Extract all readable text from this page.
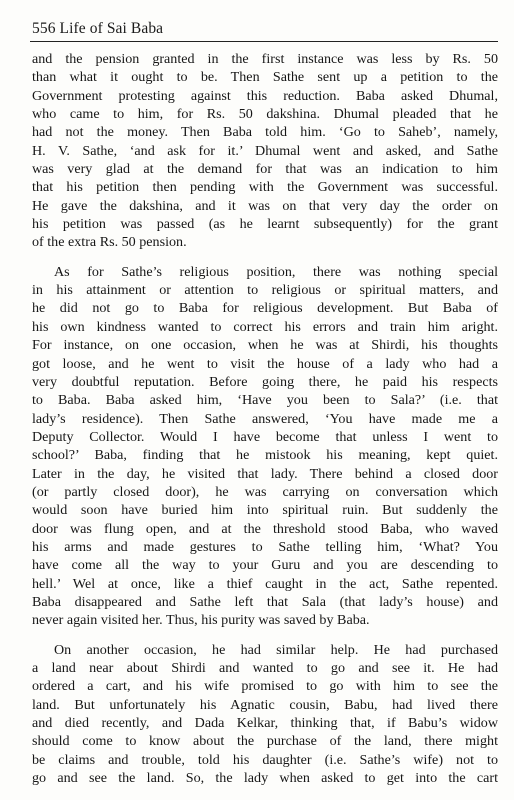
556 Life of Sai Baba
and the pension granted in the first instance was less by Rs. 50
than what it ought to be. Then Sathe sent up a petition to the
Government protesting against this reduction. Baba asked Dhumal,
who came to him, for Rs. 50 dakshina. Dhumal pleaded that he
had not the money. Then Baba told him. ‘Go to Saheb’, namely,
H. V. Sathe, ‘and ask for it.’ Dhumal went and asked, and Sathe
was very glad at the demand for that was an indication to him
that his petition then pending with the Government was successful.
He gave the dakshina, and it was on that very day the order on
his petition was passed (as he learnt subsequently) for the grant
of the extra Rs. 50 pension.
As for Sathe’s religious position, there was nothing special
in his attainment or attention to religious or spiritual matters, and
he did not go to Baba for religious development. But Baba of
his own kindness wanted to correct his errors and train him aright.
For instance, on one occasion, when he was at Shirdi, his thoughts
got loose, and he went to visit the house of a lady who had a
very doubtful reputation. Before going there, he paid his respects
to Baba. Baba asked him, ‘Have you been to Sala?’ (i.e. that
lady’s residence). Then Sathe answered, ‘You have made me a
Deputy Collector. Would I have become that unless I went to
school?’ Baba, finding that he mistook his meaning, kept quiet.
Later in the day, he visited that lady. There behind a closed door
(or partly closed door), he was carrying on conversation which
would soon have buried him into spiritual ruin. But suddenly the
door was flung open, and at the threshold stood Baba, who waved
his arms and made gestures to Sathe telling him, ‘What? You
have come all the way to your Guru and you are descending to
hell.’ Wel at once, like a thief caught in the act, Sathe repented.
Baba disappeared and Sathe left that Sala (that lady’s house) and
never again visited her. Thus, his purity was saved by Baba.
On another occasion, he had similar help. He had purchased
a land near about Shirdi and wanted to go and see it. He had
ordered a cart, and his wife promised to go with him to see the
land. But unfortunately his Agnatic cousin, Babu, had lived there
and died recently, and Dada Kelkar, thinking that, if Babu’s widow
should come to know about the purchase of the land, there might
be claims and trouble, told his daughter (i.e. Sathe’s wife) not to
go and see the land. So, the lady when asked to get into the cart
